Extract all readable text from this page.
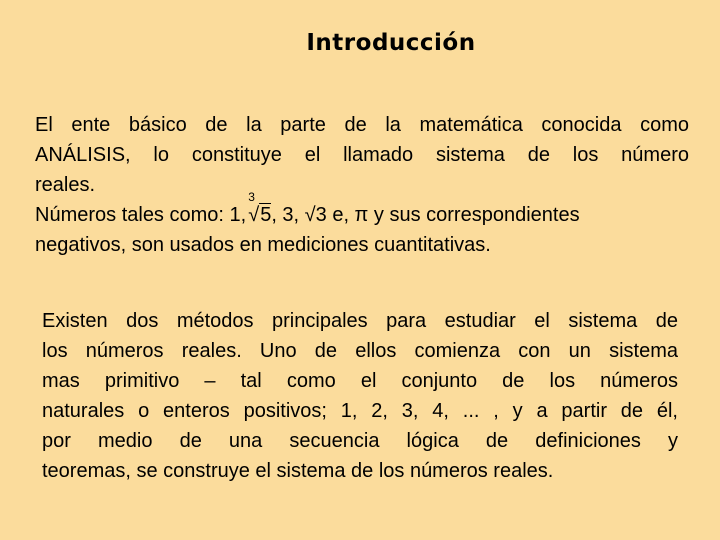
Introducción
El ente básico de la parte de la matemática conocida como
ANÁLISIS, lo constituye el llamado sistema de los número
reales.
Números tales como: 1,
3
√5, 3, √3 e, π y sus correspondientes
negativos, son usados en mediciones cuantitativas.
Existen dos métodos principales para estudiar el sistema de
los números reales. Uno de ellos comienza con un sistema
mas primitivo – tal como el conjunto de los números
naturales o enteros positivos; 1, 2, 3, 4, ... , y a partir de él,
por medio de una secuencia lógica de definiciones y
teoremas, se construye el sistema de los números reales.
